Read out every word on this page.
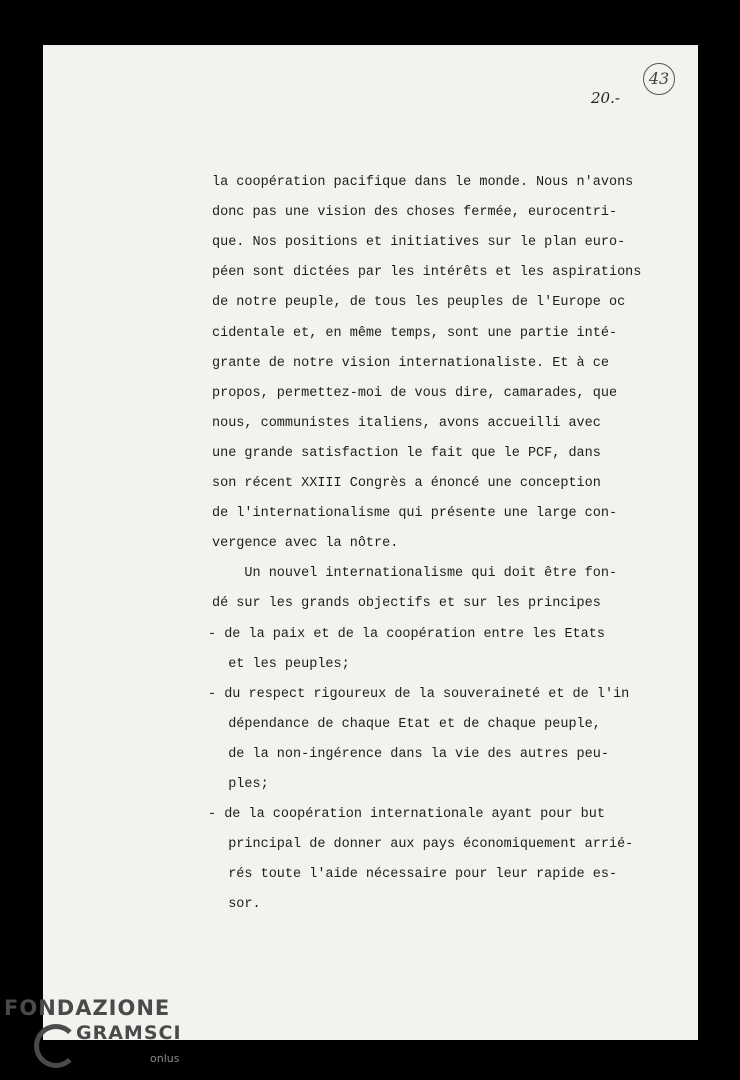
20.-
43
la coopération pacifique dans le monde. Nous n'avons
donc pas une vision des choses fermée, eurocentri-
que. Nos positions et initiatives sur le plan euro-
péen sont dictées par les intérêts et les aspirations
de notre peuple, de tous les peuples de l'Europe oc
cidentale et, en même temps, sont une partie inté-
grante de notre vision internationaliste. Et à ce
propos, permettez-moi de vous dire, camarades, que
nous, communistes italiens, avons accueilli avec
une grande satisfaction le fait que le PCF, dans
son récent XXIII Congrès a énoncé une conception
de l'internationalisme qui présente une large con-
vergence avec la nôtre.
Un nouvel internationalisme qui doit être fon-
dé sur les grands objectifs et sur les principes
- de la paix et de la coopération entre les Etats
et les peuples;
- du respect rigoureux de la souveraineté et de l'in
dépendance de chaque Etat et de chaque peuple,
de la non-ingérence dans la vie des autres peu-
ples;
- de la coopération internationale ayant pour but
principal de donner aux pays économiquement arrié-
rés toute l'aide nécessaire pour leur rapide es-
sor.
FONDAZIONE
GRAMSCI
onlus
